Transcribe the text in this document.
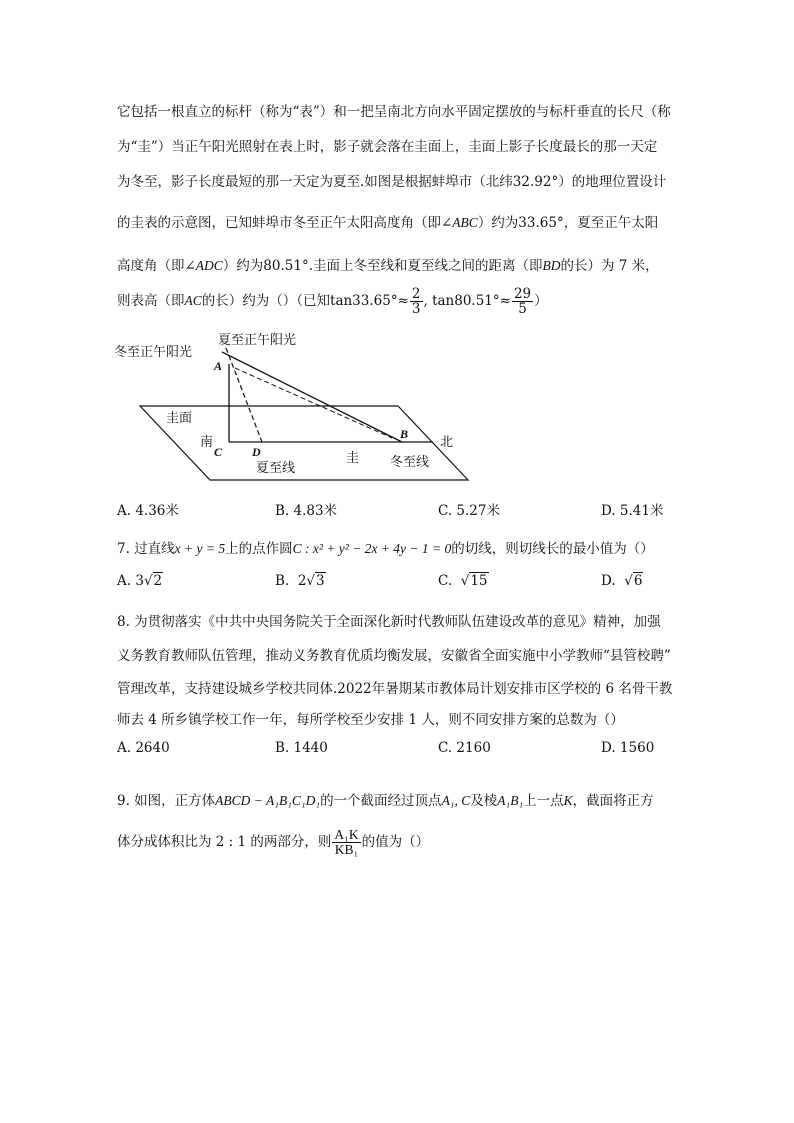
它包括一根直立的标杆（称为“表”）和一把呈南北方向水平固定摆放的与标杆垂直的长尺（称
为“圭”）当正午阳光照射在表上时，影子就会落在圭面上，圭面上影子长度最长的那一天定
为冬至，影子长度最短的那一天定为夏至.如图是根据蚌埠市（北纬32.92°）的地理位置设计
的圭表的示意图，已知蚌埠市冬至正午太阳高度角（即∠ABC）约为33.65°，夏至正午太阳
高度角（即∠ADC）约为80.51°.圭面上冬至线和夏至线之间的距离（即BD的长）为 7 米，
则表高（即AC的长）约为（）（已知$\tan 33.65^\circ\approx \frac{2}{3}$ , $\tan 80.51^\circ\approx \frac{29}{5}$ ）
冬至正午阳光
夏至正午阳光
A
圭面
南
C D
B
北
圭
夏至线	冬至线
A. 4.36米	B. 4.83米	C. 5.27米	D. 5.41米
7. 过直线x + y = 5上的点作圆C : x² + y² − 2x + 4y − 1 = 0的切线，则切线长的最小值为（）
A. 3√2	B. 2√3	C. √15	D. √6
8. 为贯彻落实《中共中央国务院关于全面深化新时代教师队伍建设改革的意见》精神，加强
义务教育教师队伍管理，推动义务教育优质均衡发展，安徽省全面实施中小学教师“县管校聘”
管理改革，支持建设城乡学校共同体.2022年暑期某市教体局计划安排市区学校的 6 名骨干教
师去 4 所乡镇学校工作一年，每所学校至少安排 1 人，则不同安排方案的总数为（）
A. 2640	B. 1440	C. 2160	D. 1560
9. 如图，正方体ABCD − A₁B₁C₁D₁的一个截面经过顶点A₁, C及棱A₁B₁上一点K，截面将正方
体分成体积比为 2 : 1 的两部分，则 $\frac{\text{A₁K}}{\text{KB₁}}$ 的值为（）
